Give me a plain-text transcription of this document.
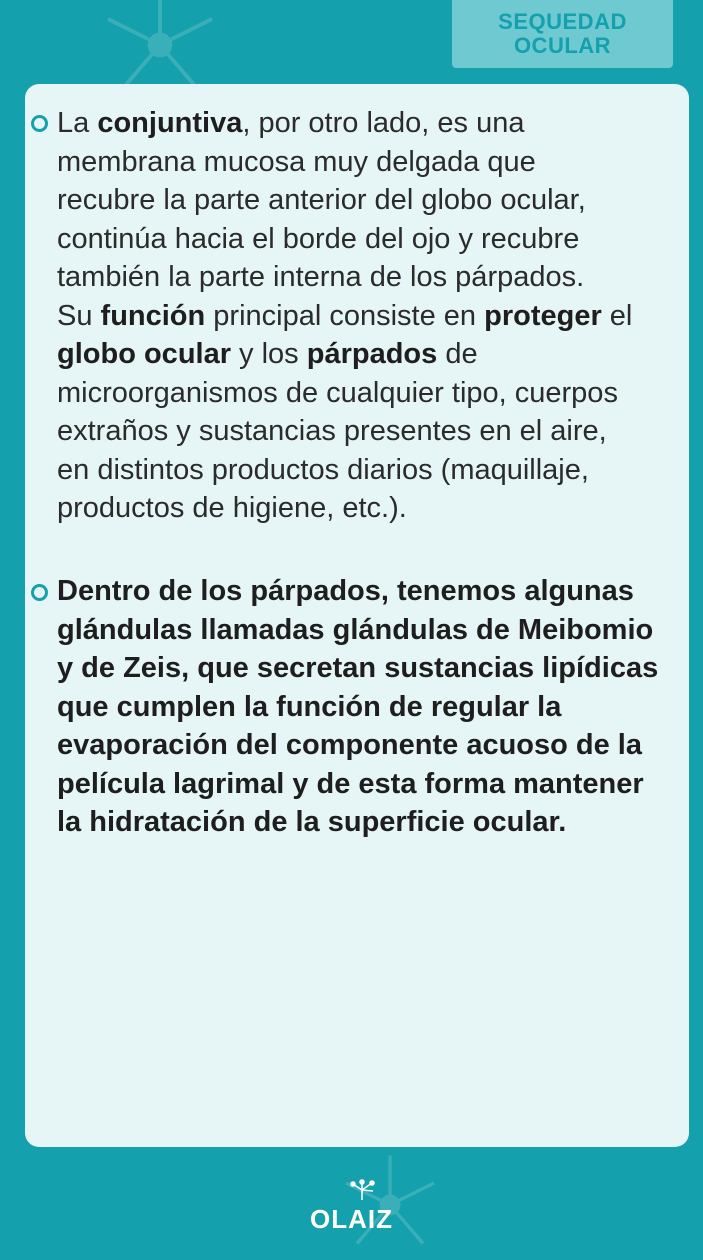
SEQUEDAD
OCULAR
La conjuntiva, por otro lado, es una
membrana mucosa muy delgada que
recubre la parte anterior del globo ocular,
continúa hacia el borde del ojo y recubre
también la parte interna de los párpados.
Su función principal consiste en proteger el
globo ocular y los párpados de
microorganismos de cualquier tipo, cuerpos
extraños y sustancias presentes en el aire,
en distintos productos diarios (maquillaje,
productos de higiene, etc.).
Dentro de los párpados, tenemos algunas
glándulas llamadas glándulas de Meibomio
y de Zeis, que secretan sustancias lipídicas
que cumplen la función de regular la
evaporación del componente acuoso de la
película lagrimal y de esta forma mantener
la hidratación de la superficie ocular.
OLAIZ
